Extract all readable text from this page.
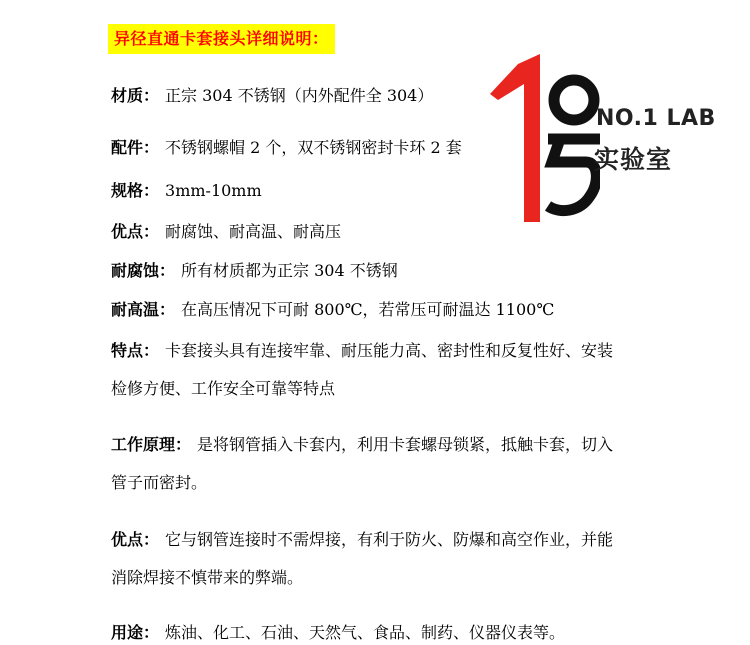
异径直通卡套接头详细说明：
材质： 正宗 304 不锈钢（内外配件全 304）
配件： 不锈钢螺帽 2 个，双不锈钢密封卡环 2 套
规格： 3mm-10mm
优点： 耐腐蚀、耐高温、耐高压
耐腐蚀： 所有材质都为正宗 304 不锈钢
耐高温： 在高压情况下可耐 800℃，若常压可耐温达 1100℃
特点： 卡套接头具有连接牢靠、耐压能力高、密封性和反复性好、安装
检修方便、工作安全可靠等特点
工作原理： 是将钢管插入卡套内，利用卡套螺母锁紧，抵触卡套，切入
管子而密封。
优点： 它与钢管连接时不需焊接，有利于防火、防爆和高空作业，并能
消除焊接不慎带来的弊端。
用途： 炼油、化工、石油、天然气、食品、制药、仪器仪表等。
NO.1 LAB
实验室
